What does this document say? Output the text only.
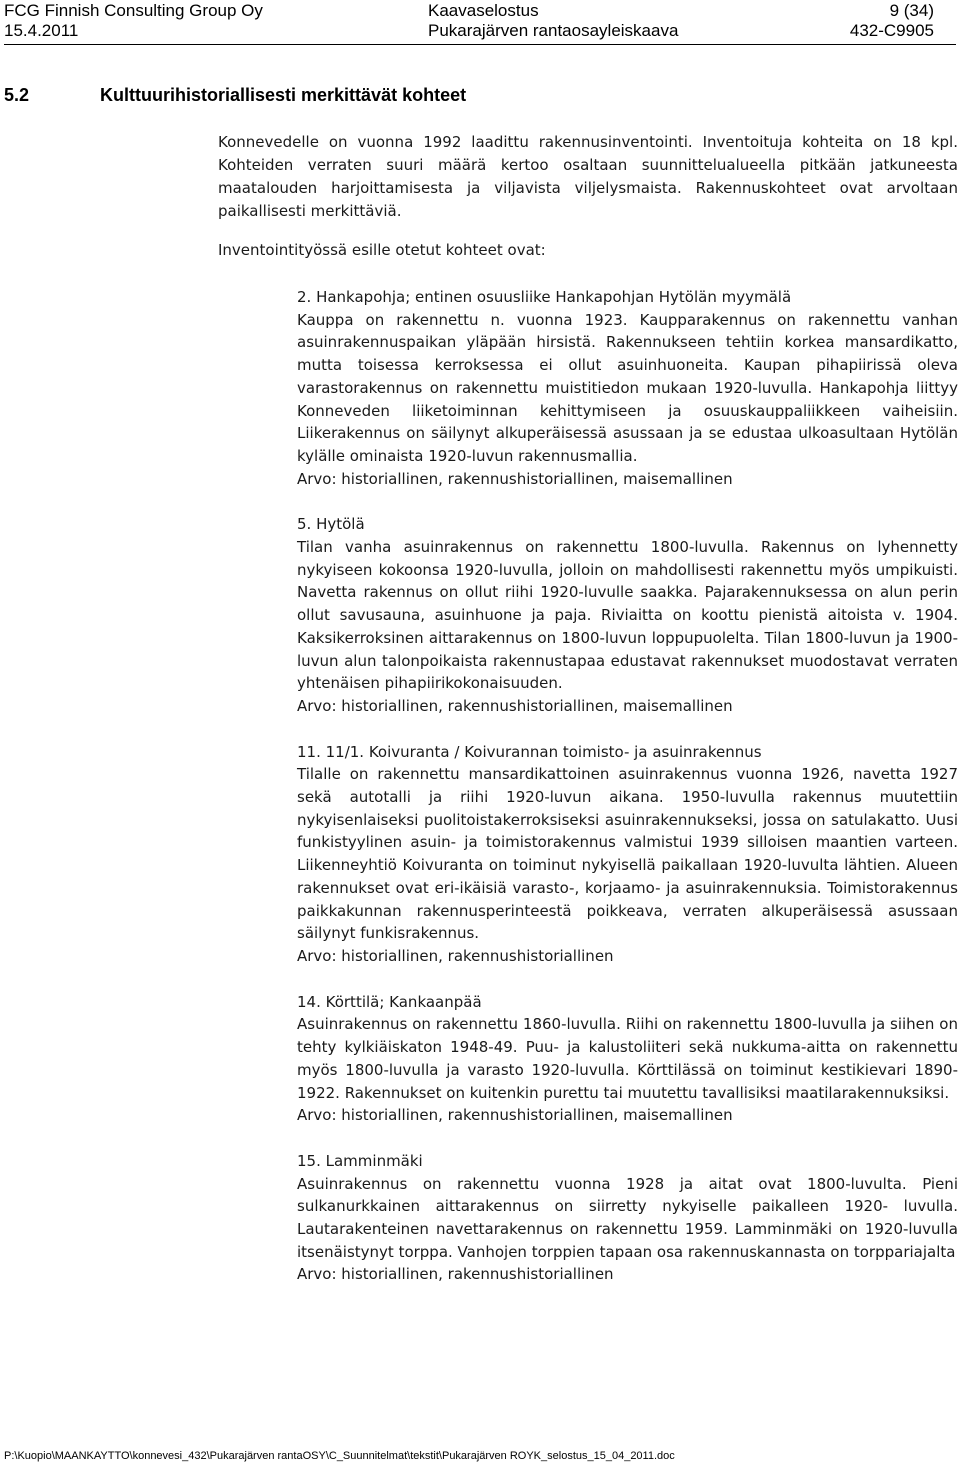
FCG Finnish Consulting Group Oy
15.4.2011
Kaavaselostus
Pukarajärven rantaosayleiskaava
9 (34)
432-C9905
5.2	Kulttuurihistoriallisesti merkittävät kohteet

Konnevedelle on vuonna 1992 laadittu rakennusinventointi. Inventoituja kohteita on 18 kpl. Kohteiden verraten suuri määrä kertoo osaltaan suunnittelualueella pitkään jatkuneesta maatalouden harjoittamisesta ja viljavista viljelysmaista. Rakennuskohteet ovat arvoltaan paikallisesti merkittäviä.

Inventointityössä esille otetut kohteet ovat:

2. Hankapohja; entinen osuusliike Hankapohjan Hytölän myymälä
Kauppa on rakennettu n. vuonna 1923. Kaupparakennus on rakennettu vanhan asuinrakennuspaikan yläpään hirsistä. Rakennukseen tehtiin korkea mansardikatto, mutta toisessa kerroksessa ei ollut asuinhuoneita. Kaupan pihapiirissä oleva varastorakennus on rakennettu muistitiedon mukaan 1920-luvulla. Hankapohja liittyy Konneveden liiketoiminnan kehittymiseen ja osuuskauppaliikkeen vaiheisiin. Liikerakennus on säilynyt alkuperäisessä asussaan ja se edustaa ulkoasultaan Hytölän kylälle ominaista 1920-luvun rakennusmallia.
Arvo: historiallinen, rakennushistoriallinen, maisemallinen
5. Hytölä
Tilan vanha asuinrakennus on rakennettu 1800-luvulla. Rakennus on lyhennetty nykyiseen kokoonsa 1920-luvulla, jolloin on mahdollisesti rakennettu myös umpikuisti. Navetta rakennus on ollut riihi 1920-luvulle saakka. Pajarakennuksessa on alun perin ollut savusauna, asuinhuone ja paja. Riviaitta on koottu pienistä aitoista v. 1904. Kaksikerroksinen aittarakennus on 1800-luvun loppupuolelta. Tilan 1800-luvun ja 1900-luvun alun talonpoikaista rakennustapaa edustavat rakennukset muodostavat verraten yhtenäisen pihapiirikokonaisuuden.
Arvo: historiallinen, rakennushistoriallinen, maisemallinen
11. 11/1. Koivuranta / Koivurannan toimisto- ja asuinrakennus
Tilalle on rakennettu mansardikattoinen asuinrakennus vuonna 1926, navetta 1927 sekä autotalli ja riihi 1920-luvun aikana. 1950-luvulla rakennus muutettiin nykyisenlaiseksi puolitoistakerroksiseksi asuinrakennukseksi, jossa on satulakatto. Uusi funkistyylinen asuin- ja toimistorakennus valmistui 1939 silloisen maantien varteen. Liikenneyhtiö Koivuranta on toiminut nykyisellä paikallaan 1920-luvulta lähtien. Alueen rakennukset ovat eri-ikäisiä varasto-, korjaamo- ja asuinrakennuksia. Toimistorakennus paikkakunnan rakennusperinteestä poikkeava, verraten alkuperäisessä asussaan säilynyt funkisrakennus.
Arvo: historiallinen, rakennushistoriallinen
14. Körttilä; Kankaanpää
Asuinrakennus on rakennettu 1860-luvulla. Riihi on rakennettu 1800-luvulla ja siihen on tehty kylkiäiskaton 1948-49. Puu- ja kalustoliiteri sekä nukkuma-aitta on rakennettu myös 1800-luvulla ja varasto 1920-luvulla. Körttilässä on toiminut kestikievari 1890-1922. Rakennukset on kuitenkin purettu tai muutettu tavallisiksi maatilarakennuksiksi.
Arvo: historiallinen, rakennushistoriallinen, maisemallinen
15. Lamminmäki
Asuinrakennus on rakennettu vuonna 1928 ja aitat ovat 1800-luvulta. Pieni sulkanurkkainen aittarakennus on siirretty nykyiselle paikalleen 1920- luvulla. Lautarakenteinen navettarakennus on rakennettu 1959. Lamminmäki on 1920-luvulla itsenäistynyt torppa. Vanhojen torppien tapaan osa rakennuskannasta on torppariajalta
Arvo: historiallinen, rakennushistoriallinen
P:\Kuopio\MAANKAYTTO\konnevesi_432\Pukarajärven rantaOSY\C_Suunnitelmat\tekstit\Pukarajärven ROYK_selostus_15_04_2011.doc
